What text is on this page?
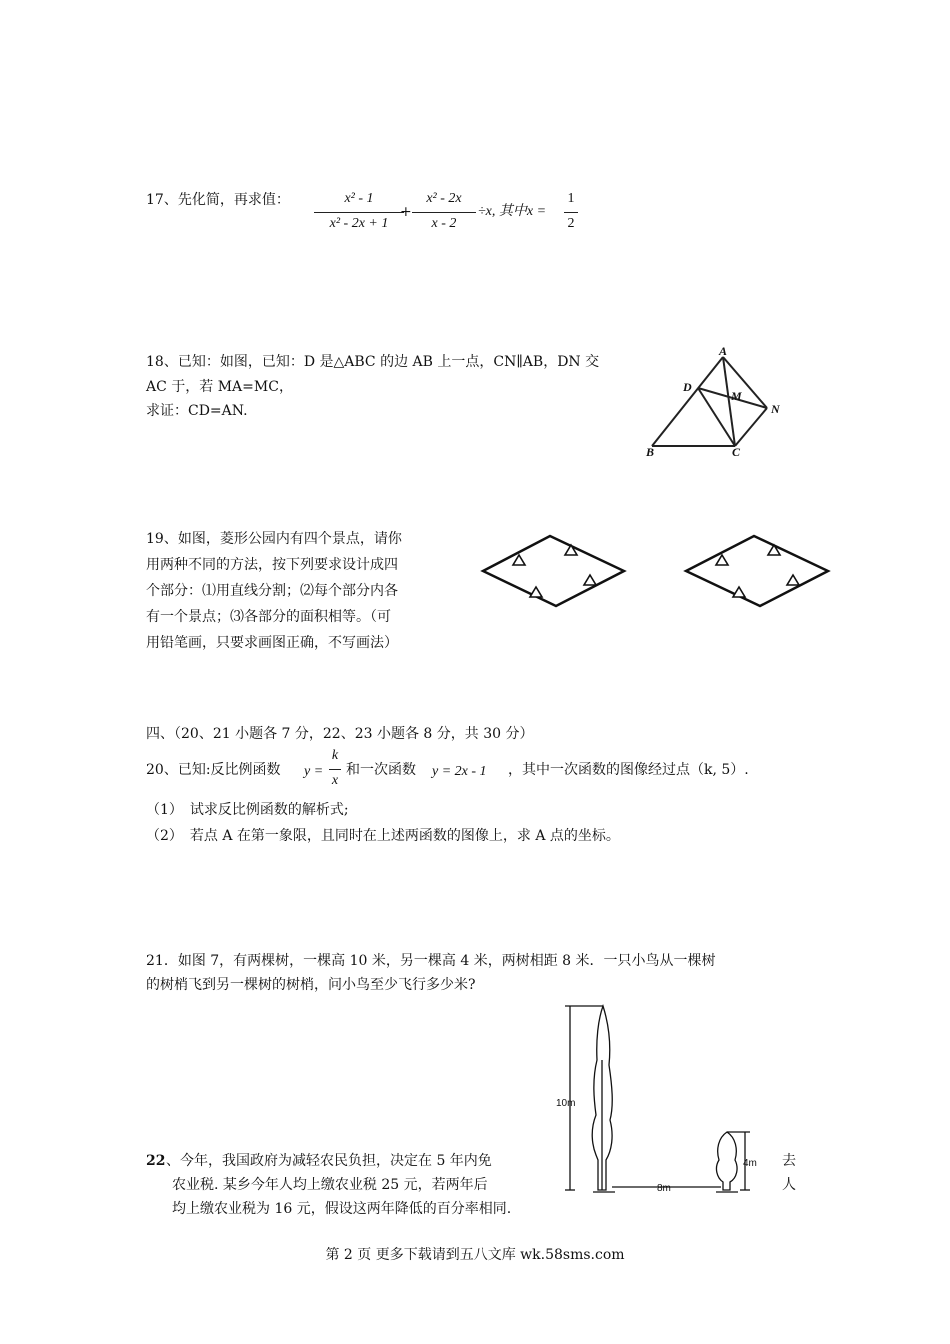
17、先化简，再求值：	x² - 1
x² - 2x + 1
+
x² - 2x
x - 2
÷x, 其中x =
1
2
18、已知：如图，已知：D 是△ABC 的边 AB 上一点，CN∥AB，DN 交
AC 于，若 MA=MC，
求证：CD=AN.
A
D
M
N
B	C
10m
4m
8m
19、如图，菱形公园内有四个景点，请你
用两种不同的方法，按下列要求设计成四
个部分：⑴用直线分割；⑵每个部分内各
有一个景点；⑶各部分的面积相等。（可
用铅笔画，只要求画图正确，不写画法）
四、（20、21 小题各 7 分，22、23 小题各 8 分，共 30 分）
20、已知:反比例函数 y =
k
x
和一次函数 y = 2x - 1 ，其中一次函数的图像经过点（k, 5）.
（1）　试求反比例函数的解析式;
（2）　若点 A 在第一象限，且同时在上述两函数的图像上，求 A 点的坐标。
21．如图 7，有两棵树，一棵高 10 米，另一棵高 4 米，两树相距 8 米．一只小鸟从一棵树
的树梢飞到另一棵树的树梢，问小鸟至少飞行多少米?
22 、今年，我国政府为减轻农民负担，决定在 5 年内免	去
农业税. 某乡今年人均上缴农业税 25 元，若两年后	人
均上缴农业税为 16 元，假设这两年降低的百分率相同.
第 2 页 更多下载请到五八文库 wk.58sms.com
